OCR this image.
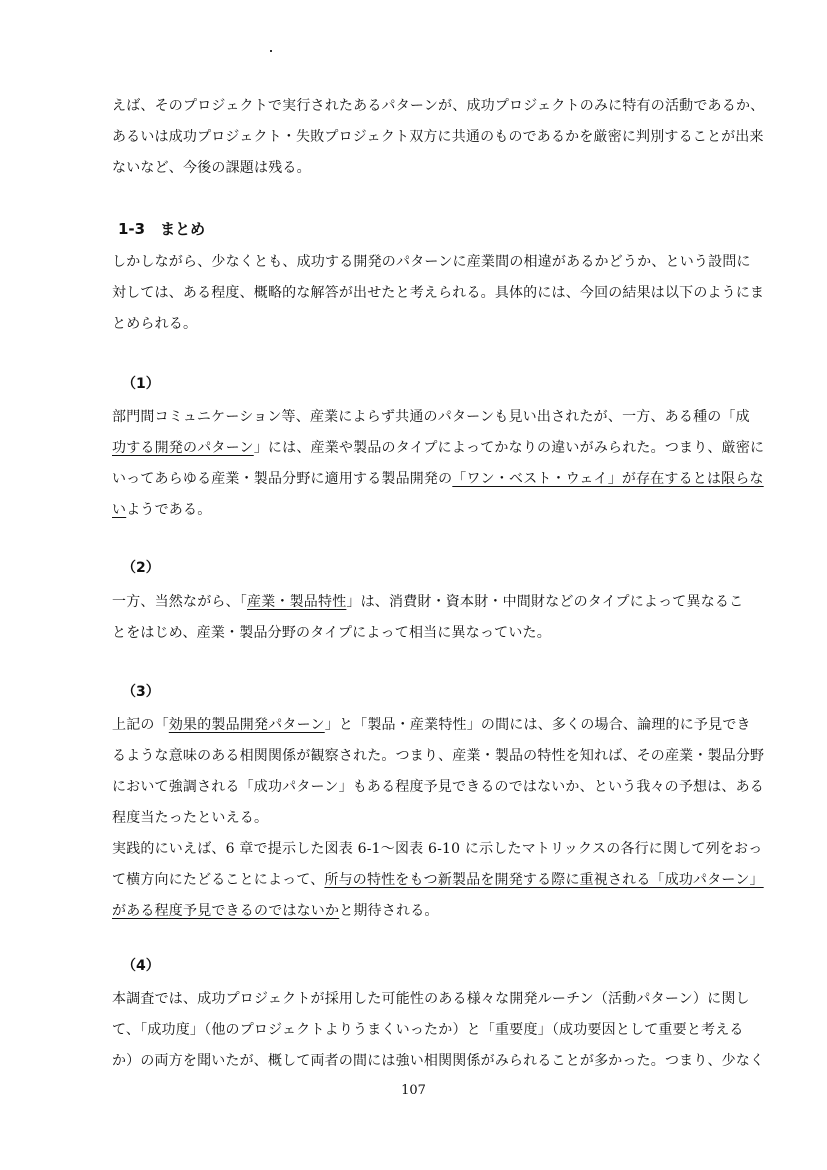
えば、そのプロジェクトで実行されたあるパターンが、成功プロジェクトのみに特有の活動であるか、
あるいは成功プロジェクト・失敗プロジェクト双方に共通のものであるかを厳密に判別することが出来
ないなど、今後の課題は残る。
1-3　まとめ
しかしながら、少なくとも、成功する開発のパターンに産業間の相違があるかどうか、という設問に
対しては、ある程度、概略的な解答が出せたと考えられる。具体的には、今回の結果は以下のようにま
とめられる。
（1）
部門間コミュニケーション等、産業によらず共通のパターンも見い出されたが、一方、ある種の「成
功する開発のパターン」には、産業や製品のタイプによってかなりの違いがみられた。つまり、厳密に
いってあらゆる産業・製品分野に適用する製品開発の「ワン・ベスト・ウェイ」が存在するとは限らな
いようである。
（2）
一方、当然ながら、「産業・製品特性」は、消費財・資本財・中間財などのタイプによって異なるこ
とをはじめ、産業・製品分野のタイプによって相当に異なっていた。
（3）
上記の「効果的製品開発パターン」と「製品・産業特性」の間には、多くの場合、論理的に予見でき
るような意味のある相関関係が観察された。つまり、産業・製品の特性を知れば、その産業・製品分野
において強調される「成功パターン」もある程度予見できるのではないか、という我々の予想は、ある
程度当たったといえる。
実践的にいえば、6 章で提示した図表 6-1～図表 6-10 に示したマトリックスの各行に関して列をおっ
て横方向にたどることによって、所与の特性をもつ新製品を開発する際に重視される「成功パターン」
がある程度予見できるのではないかと期待される。
（4）
本調査では、成功プロジェクトが採用した可能性のある様々な開発ルーチン（活動パターン）に関し
て、「成功度」（他のプロジェクトよりうまくいったか）と「重要度」（成功要因として重要と考える
か）の両方を聞いたが、概して両者の間には強い相関関係がみられることが多かった。つまり、少なく
107
